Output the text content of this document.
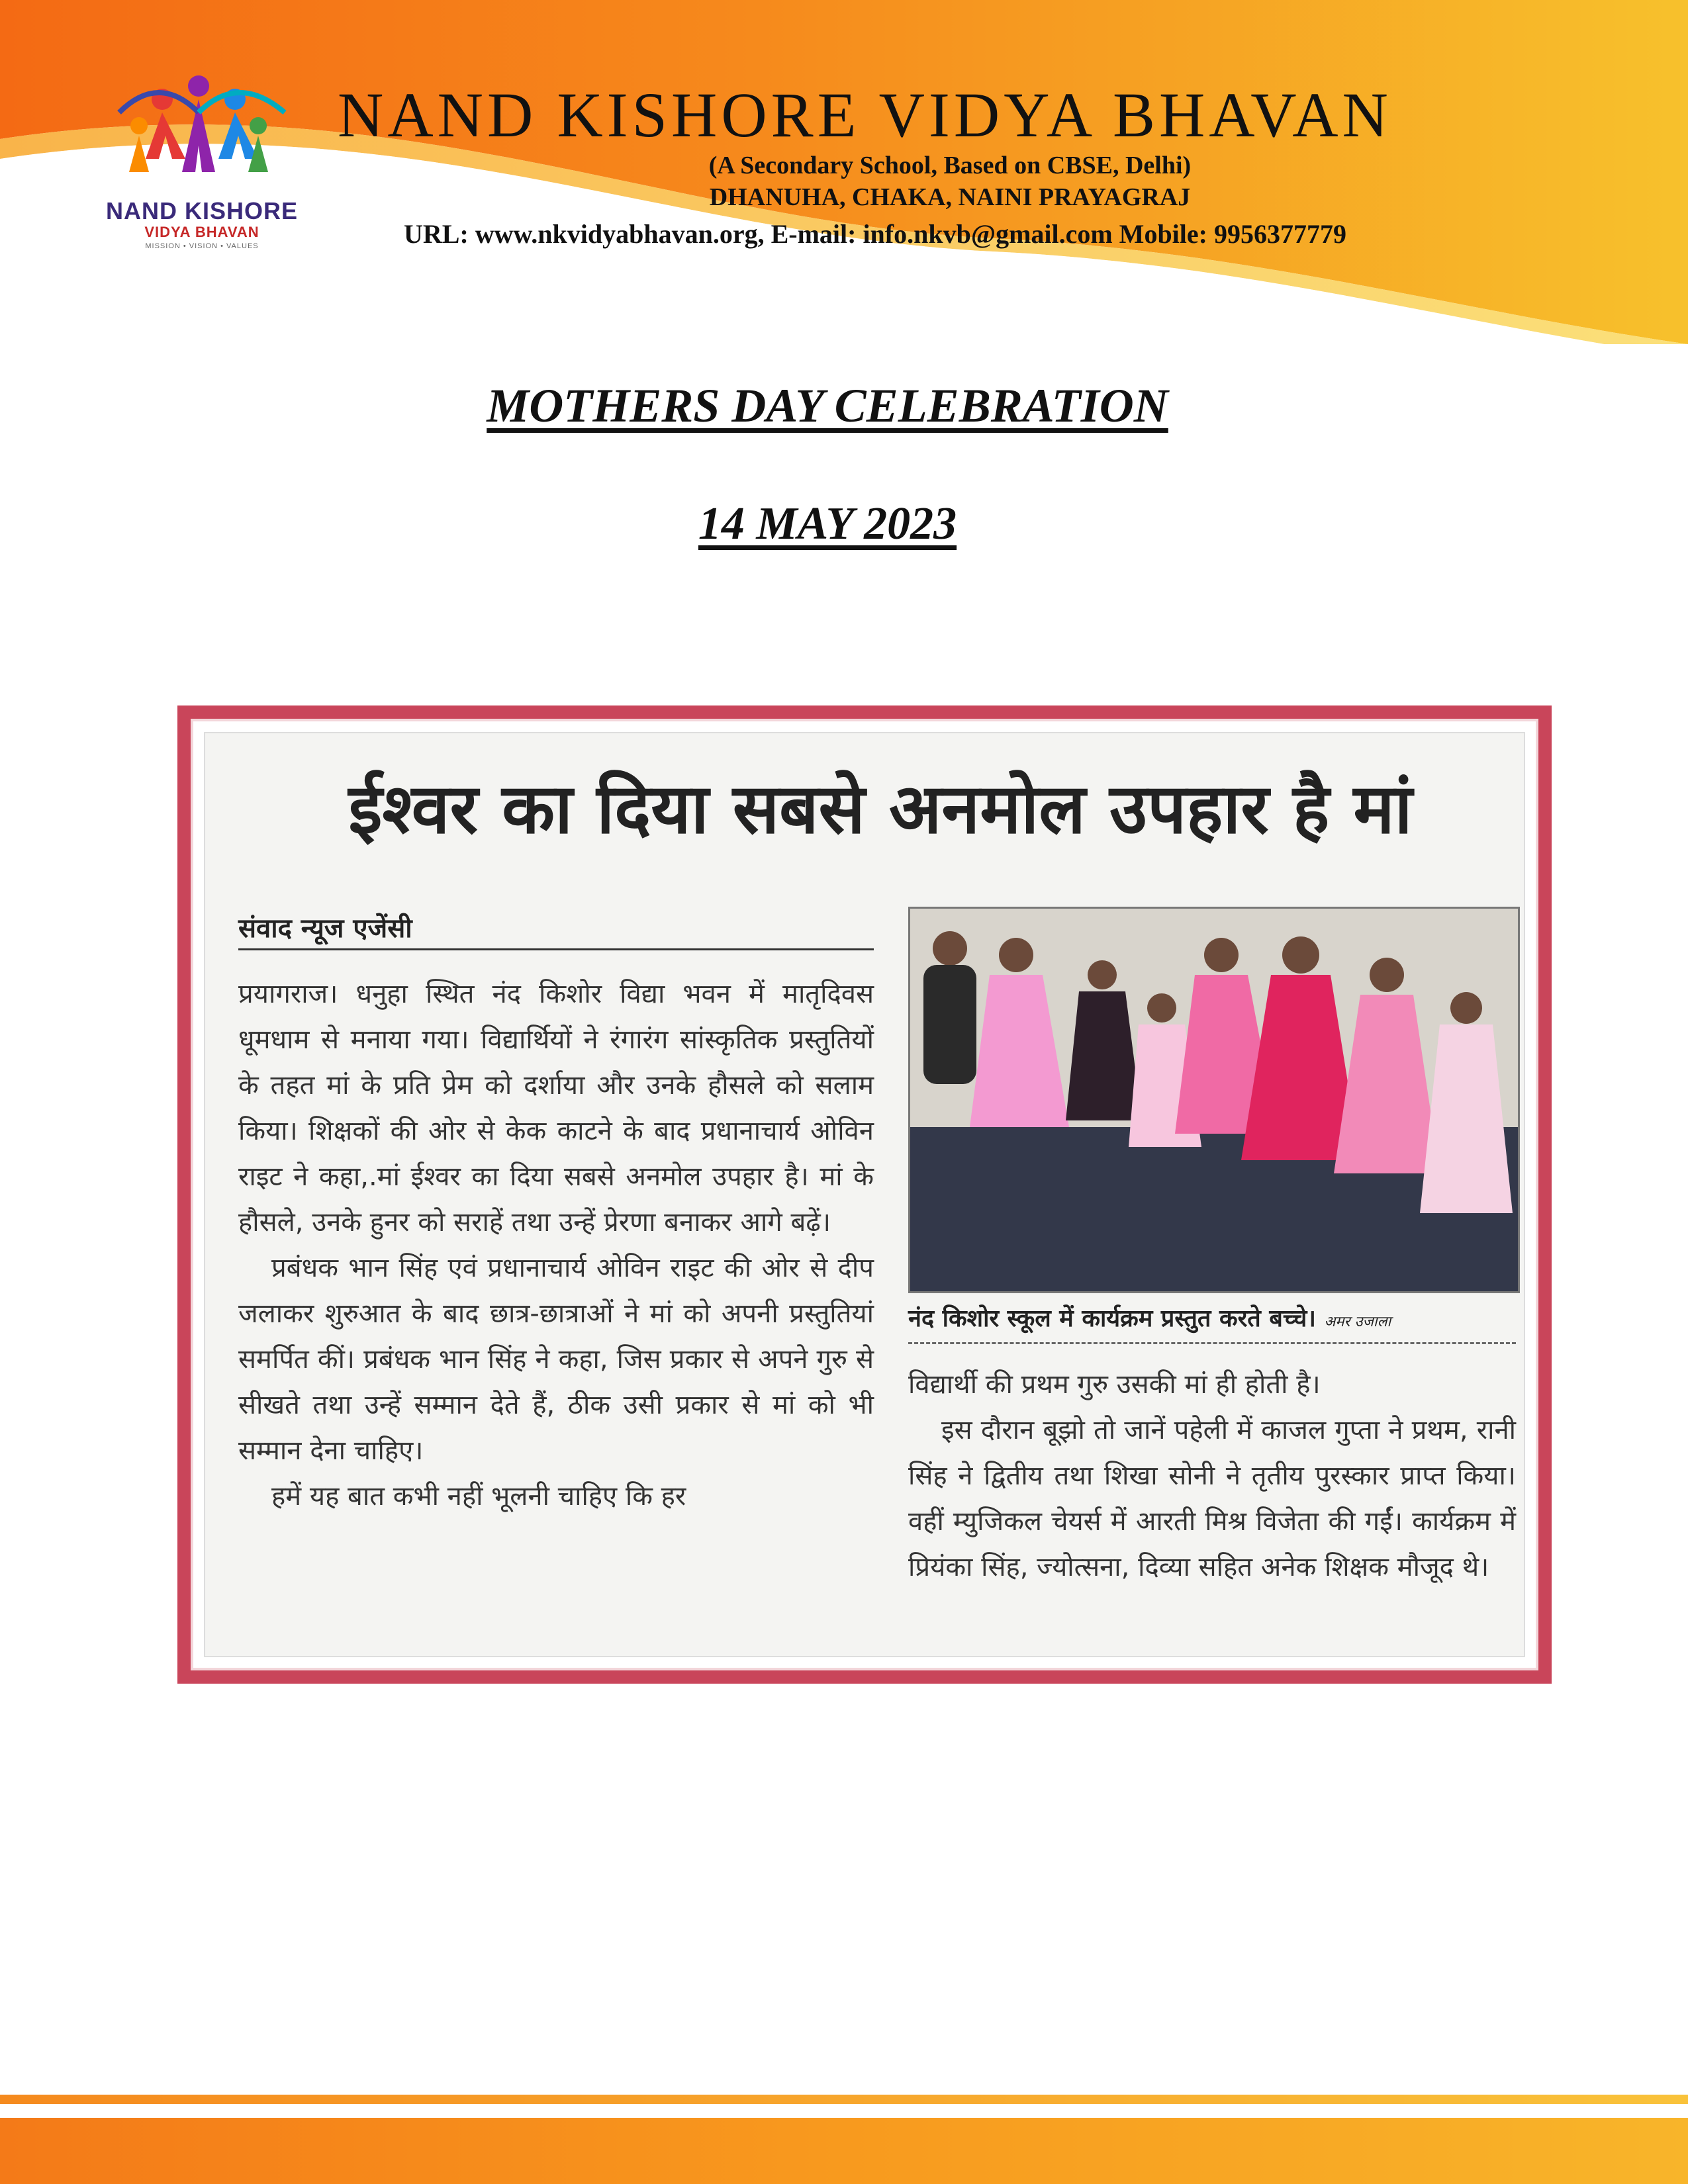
NAND KISHORE
VIDYA BHAVAN
MISSION • VISION • VALUES
NAND KISHORE VIDYA BHAVAN
(A Secondary School, Based on CBSE, Delhi)
DHANUHA, CHAKA, NAINI PRAYAGRAJ
URL: www.nkvidyabhavan.org, E-mail: info.nkvb@gmail.com Mobile: 9956377779
MOTHERS DAY CELEBRATION
14 MAY 2023
ईश्वर का दिया सबसे अनमोल उपहार है मां
संवाद न्यूज एजेंसी

प्रयागराज। धनुहा स्थित नंद किशोर विद्या भवन में मातृदिवस धूमधाम से मनाया गया। विद्यार्थियों ने रंगारंग सांस्कृतिक प्रस्तुतियों के तहत मां के प्रति प्रेम को दर्शाया और उनके हौसले को सलाम किया। शिक्षकों की ओर से केक काटने के बाद प्रधानाचार्य ओविन राइट ने कहा,.मां ईश्वर का दिया सबसे अनमोल उपहार है। मां के हौसले, उनके हुनर को सराहें तथा उन्हें प्रेरणा बनाकर आगे बढ़ें।

प्रबंधक भान सिंह एवं प्रधानाचार्य ओविन राइट की ओर से दीप जलाकर शुरुआत के बाद छात्र-छात्राओं ने मां को अपनी प्रस्तुतियां समर्पित कीं। प्रबंधक भान सिंह ने कहा, जिस प्रकार से अपने गुरु से सीखते तथा उन्हें सम्मान देते हैं, ठीक उसी प्रकार से मां को भी सम्मान देना चाहिए।

हमें यह बात कभी नहीं भूलनी चाहिए कि हर

नंद किशोर स्कूल में कार्यक्रम प्रस्तुत करते बच्चे। अमर उजाला

विद्यार्थी की प्रथम गुरु उसकी मां ही होती है।

इस दौरान बूझो तो जानें पहेली में काजल गुप्ता ने प्रथम, रानी सिंह ने द्वितीय तथा शिखा सोनी ने तृतीय पुरस्कार प्राप्त किया। वहीं म्युजिकल चेयर्स में आरती मिश्र विजेता की गईं। कार्यक्रम में प्रियंका सिंह, ज्योत्सना, दिव्या सहित अनेक शिक्षक मौजूद थे।
